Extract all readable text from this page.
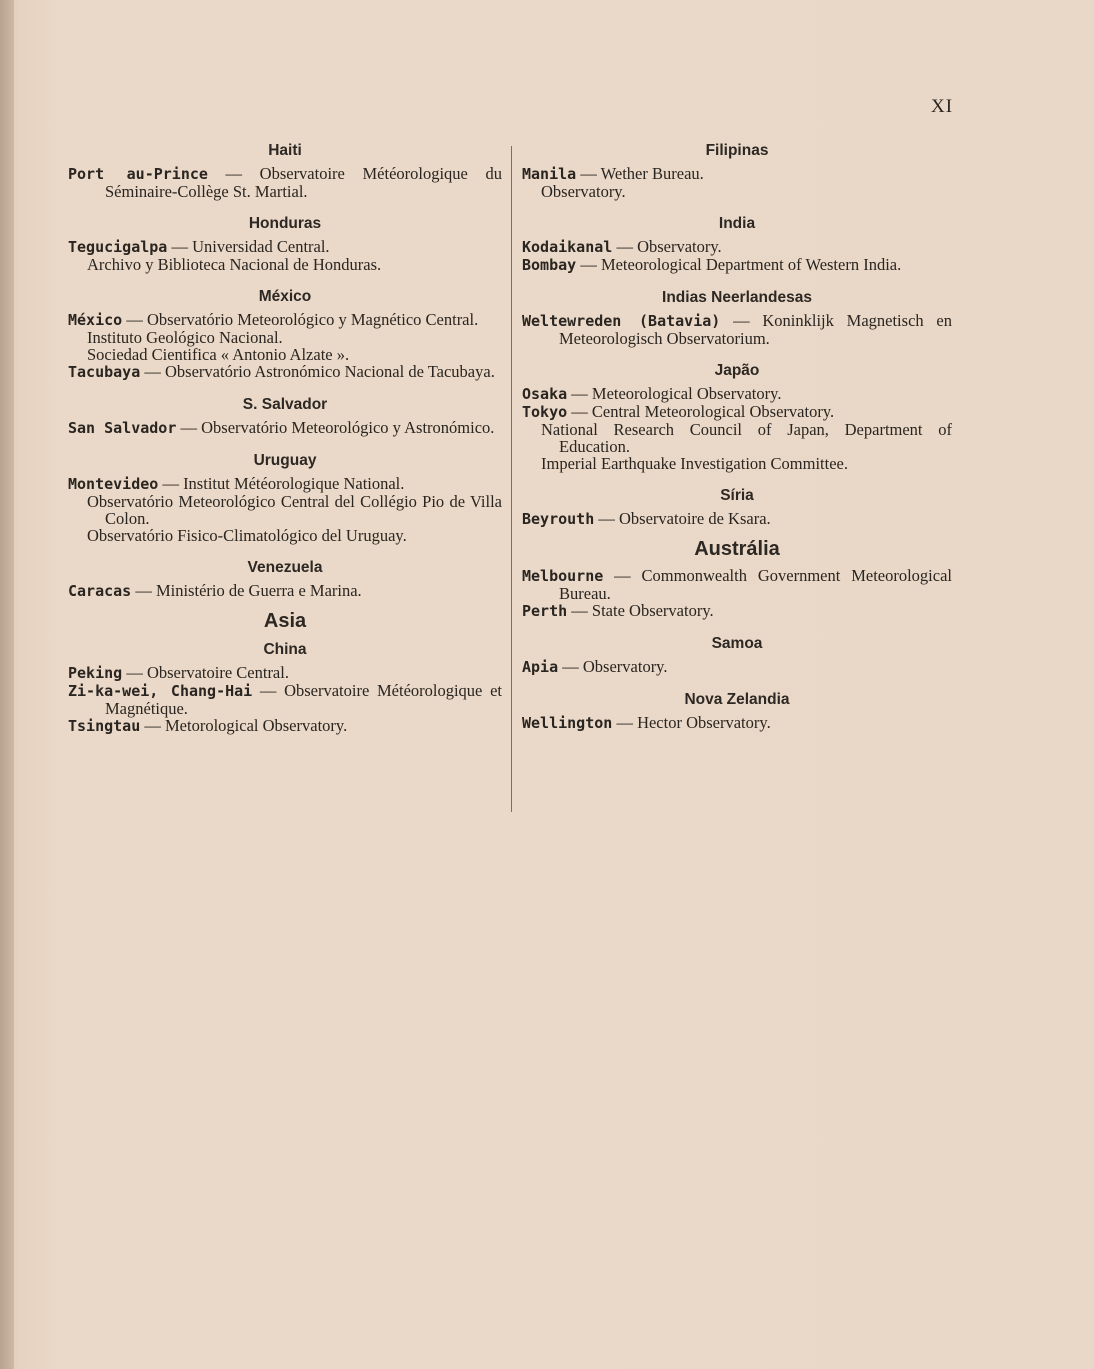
XI
Haiti

Port au-Prince — Observatoire Météorologique du Séminaire-Collège St. Martial.

Honduras

Tegucigalpa — Universidad Central.

Archivo y Biblioteca Nacional de Honduras.

México

México — Observatório Meteorológico y Magnético Central.

Instituto Geológico Nacional.

Sociedad Cientifica « Antonio Alzate ».

Tacubaya — Observatório Astronómico Nacional de Tacubaya.

S. Salvador

San Salvador — Observatório Meteorológico y Astronómico.

Uruguay

Montevideo — Institut Météorologique National.

Observatório Meteorológico Central del Collégio Pio de Villa Colon.

Observatório Fisico-Climatológico del Uruguay.

Venezuela

Caracas — Ministério de Guerra e Marina.

Asia
China

Peking — Observatoire Central.

Zi-ka-wei, Chang-Hai — Observatoire Météorologique et Magnétique.

Tsingtau — Metorological Observatory.

Filipinas

Manila — Wether Bureau.

Observatory.

India

Kodaikanal — Observatory.

Bombay — Meteorological Department of Western India.

Indias Neerlandesas

Weltewreden (Batavia) — Koninklijk Magnetisch en Meteorologisch Observatorium.

Japão

Osaka — Meteorological Observatory.

Tokyo — Central Meteorological Observatory.

National Research Council of Japan, Department of Education.

Imperial Earthquake Investigation Committee.

Síria

Beyrouth — Observatoire de Ksara.

Austrália

Melbourne — Commonwealth Government Meteorological Bureau.

Perth — State Observatory.

Samoa

Apia — Observatory.

Nova Zelandia

Wellington — Hector Observatory.
